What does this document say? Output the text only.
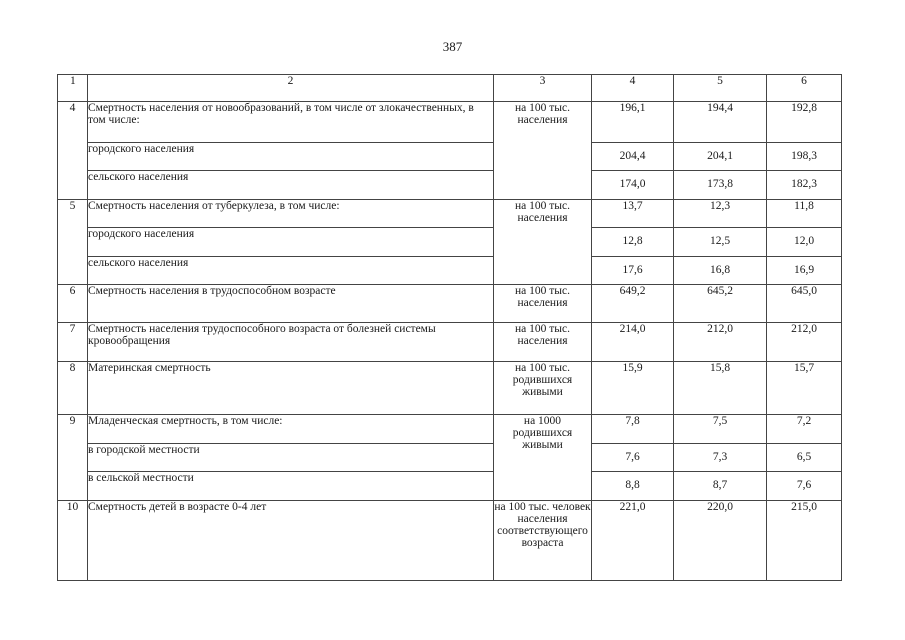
387
1	2	3	4	5	6
4	Смертность населения от новообразований, в том числе от злокачественных, в том числе:	на 100 тыс. населения	196,1	194,4	192,8
	городского населения		204,4	204,1	198,3
	сельского населения		174,0	173,8	182,3
5	Смертность населения от туберкулеза, в том числе:	на 100 тыс. населения	13,7	12,3	11,8
	городского населения		12,8	12,5	12,0
	сельского населения		17,6	16,8	16,9
6	Смертность населения в трудоспособном возрасте	на 100 тыс. населения	649,2	645,2	645,0
7	Смертность населения трудоспособного возраста от болезней системы кровообращения	на 100 тыс. населения	214,0	212,0	212,0
8	Материнская смертность	на 100 тыс. родившихся живыми	15,9	15,8	15,7
9	Младенческая смертность, в том числе:	на 1000 родившихся живыми	7,8	7,5	7,2
	в городской местности		7,6	7,3	6,5
	в сельской местности		8,8	8,7	7,6
10	Смертность детей в возрасте 0-4 лет	на 100 тыс. человек населения соответствующего возраста	221,0	220,0	215,0
